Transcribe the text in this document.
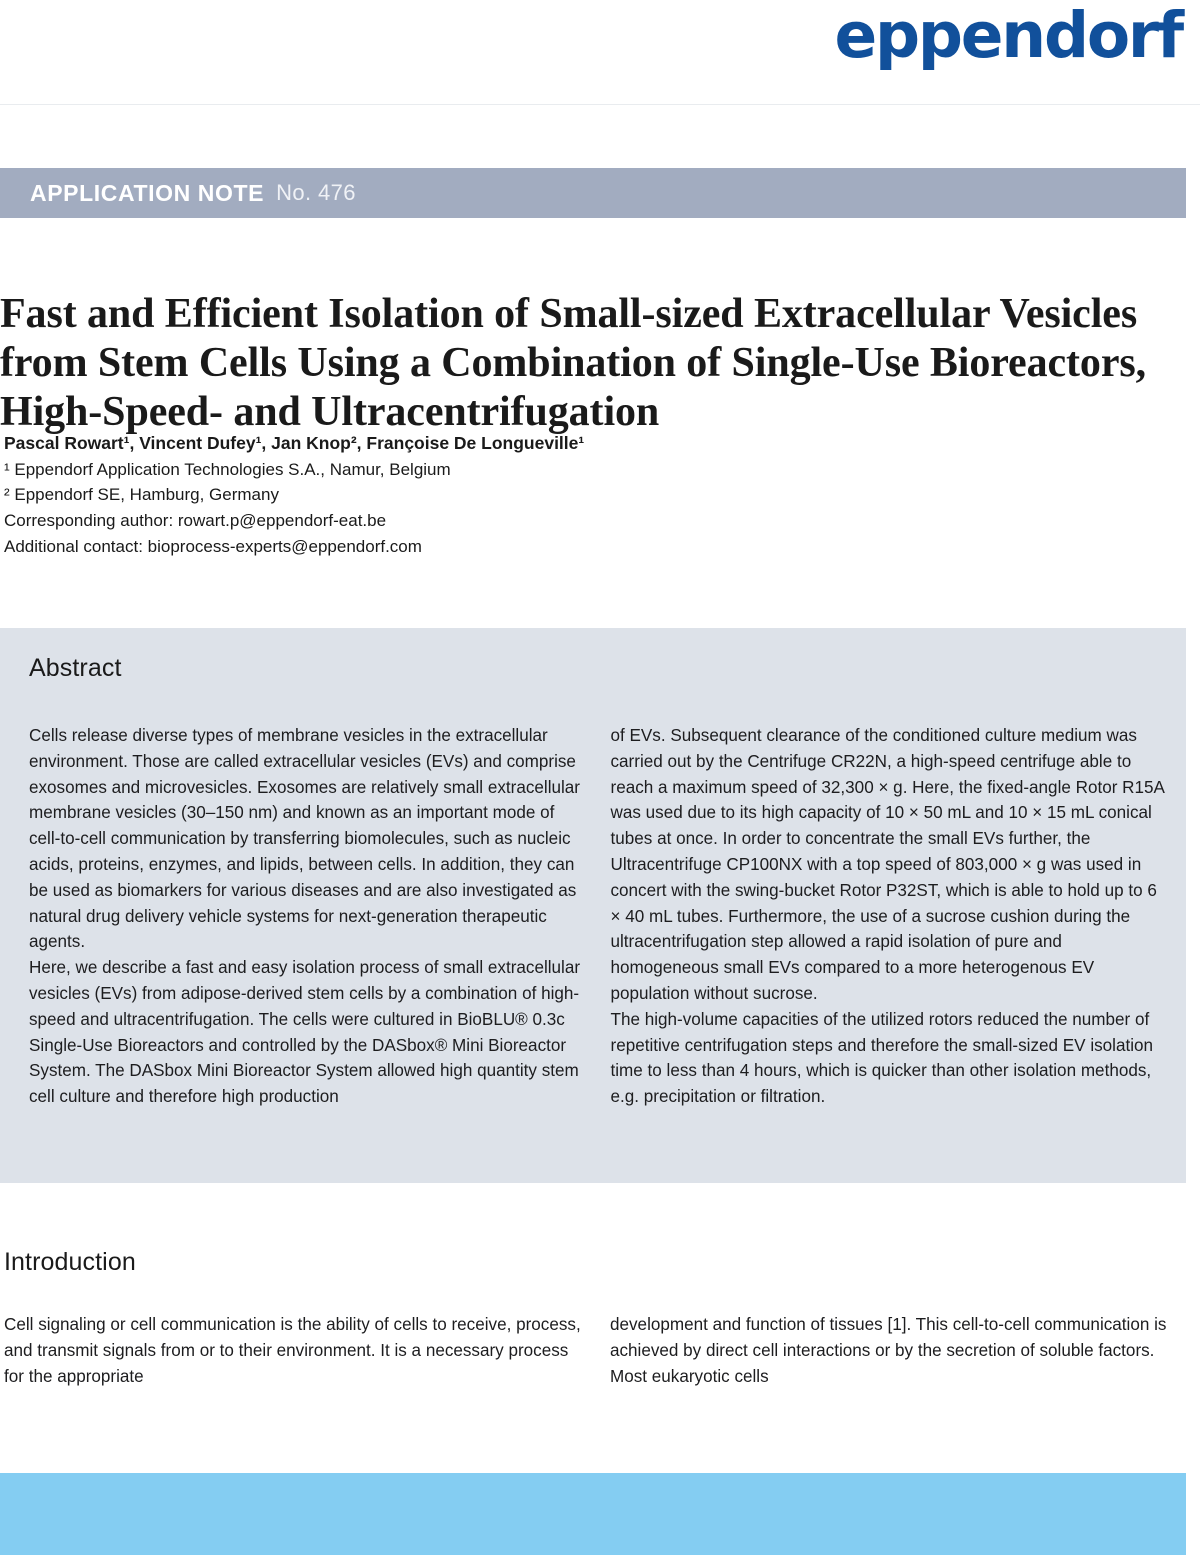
eppendorf
APPLICATION NOTE No. 476
Fast and Efficient Isolation of Small-sized Extracellular Vesicles from Stem Cells Using a Combination of Single-Use Bioreactors, High-Speed- and Ultracentrifugation
Pascal Rowart¹, Vincent Dufey¹, Jan Knop², Françoise De Longueville¹
¹ Eppendorf Application Technologies S.A., Namur, Belgium
² Eppendorf SE, Hamburg, Germany
Corresponding author: rowart.p@eppendorf-eat.be
Additional contact: bioprocess-experts@eppendorf.com
Abstract

Cells release diverse types of membrane vesicles in the extracellular environment. Those are called extracellular vesicles (EVs) and comprise exosomes and microvesicles. Exosomes are relatively small extracellular membrane vesicles (30–150 nm) and known as an important mode of cell-to-cell communication by transferring biomolecules, such as nucleic acids, proteins, enzymes, and lipids, between cells. In addition, they can be used as biomarkers for various diseases and are also investigated as natural drug delivery vehicle systems for next-generation therapeutic agents.

Here, we describe a fast and easy isolation process of small extracellular vesicles (EVs) from adipose-derived stem cells by a combination of high-speed and ultracentrifugation. The cells were cultured in BioBLU® 0.3c Single-Use Bioreactors and controlled by the DASbox® Mini Bioreactor System. The DASbox Mini Bioreactor System allowed high quantity stem cell culture and therefore high production

of EVs. Subsequent clearance of the conditioned culture medium was carried out by the Centrifuge CR22N, a high-speed centrifuge able to reach a maximum speed of 32,300 × g. Here, the fixed-angle Rotor R15A was used due to its high capacity of 10 × 50 mL and 10 × 15 mL conical tubes at once. In order to concentrate the small EVs further, the Ultracentrifuge CP100NX with a top speed of 803,000 × g was used in concert with the swing-bucket Rotor P32ST, which is able to hold up to 6 × 40 mL tubes. Furthermore, the use of a sucrose cushion during the ultracentrifugation step allowed a rapid isolation of pure and homogeneous small EVs compared to a more heterogenous EV population without sucrose.

The high-volume capacities of the utilized rotors reduced the number of repetitive centrifugation steps and therefore the small-sized EV isolation time to less than 4 hours, which is quicker than other isolation methods, e.g. precipitation or filtration.

Introduction

Cell signaling or cell communication is the ability of cells to receive, process, and transmit signals from or to their environment. It is a necessary process for the appropriate

development and function of tissues [1]. This cell-to-cell communication is achieved by direct cell interactions or by the secretion of soluble factors. Most eukaryotic cells
